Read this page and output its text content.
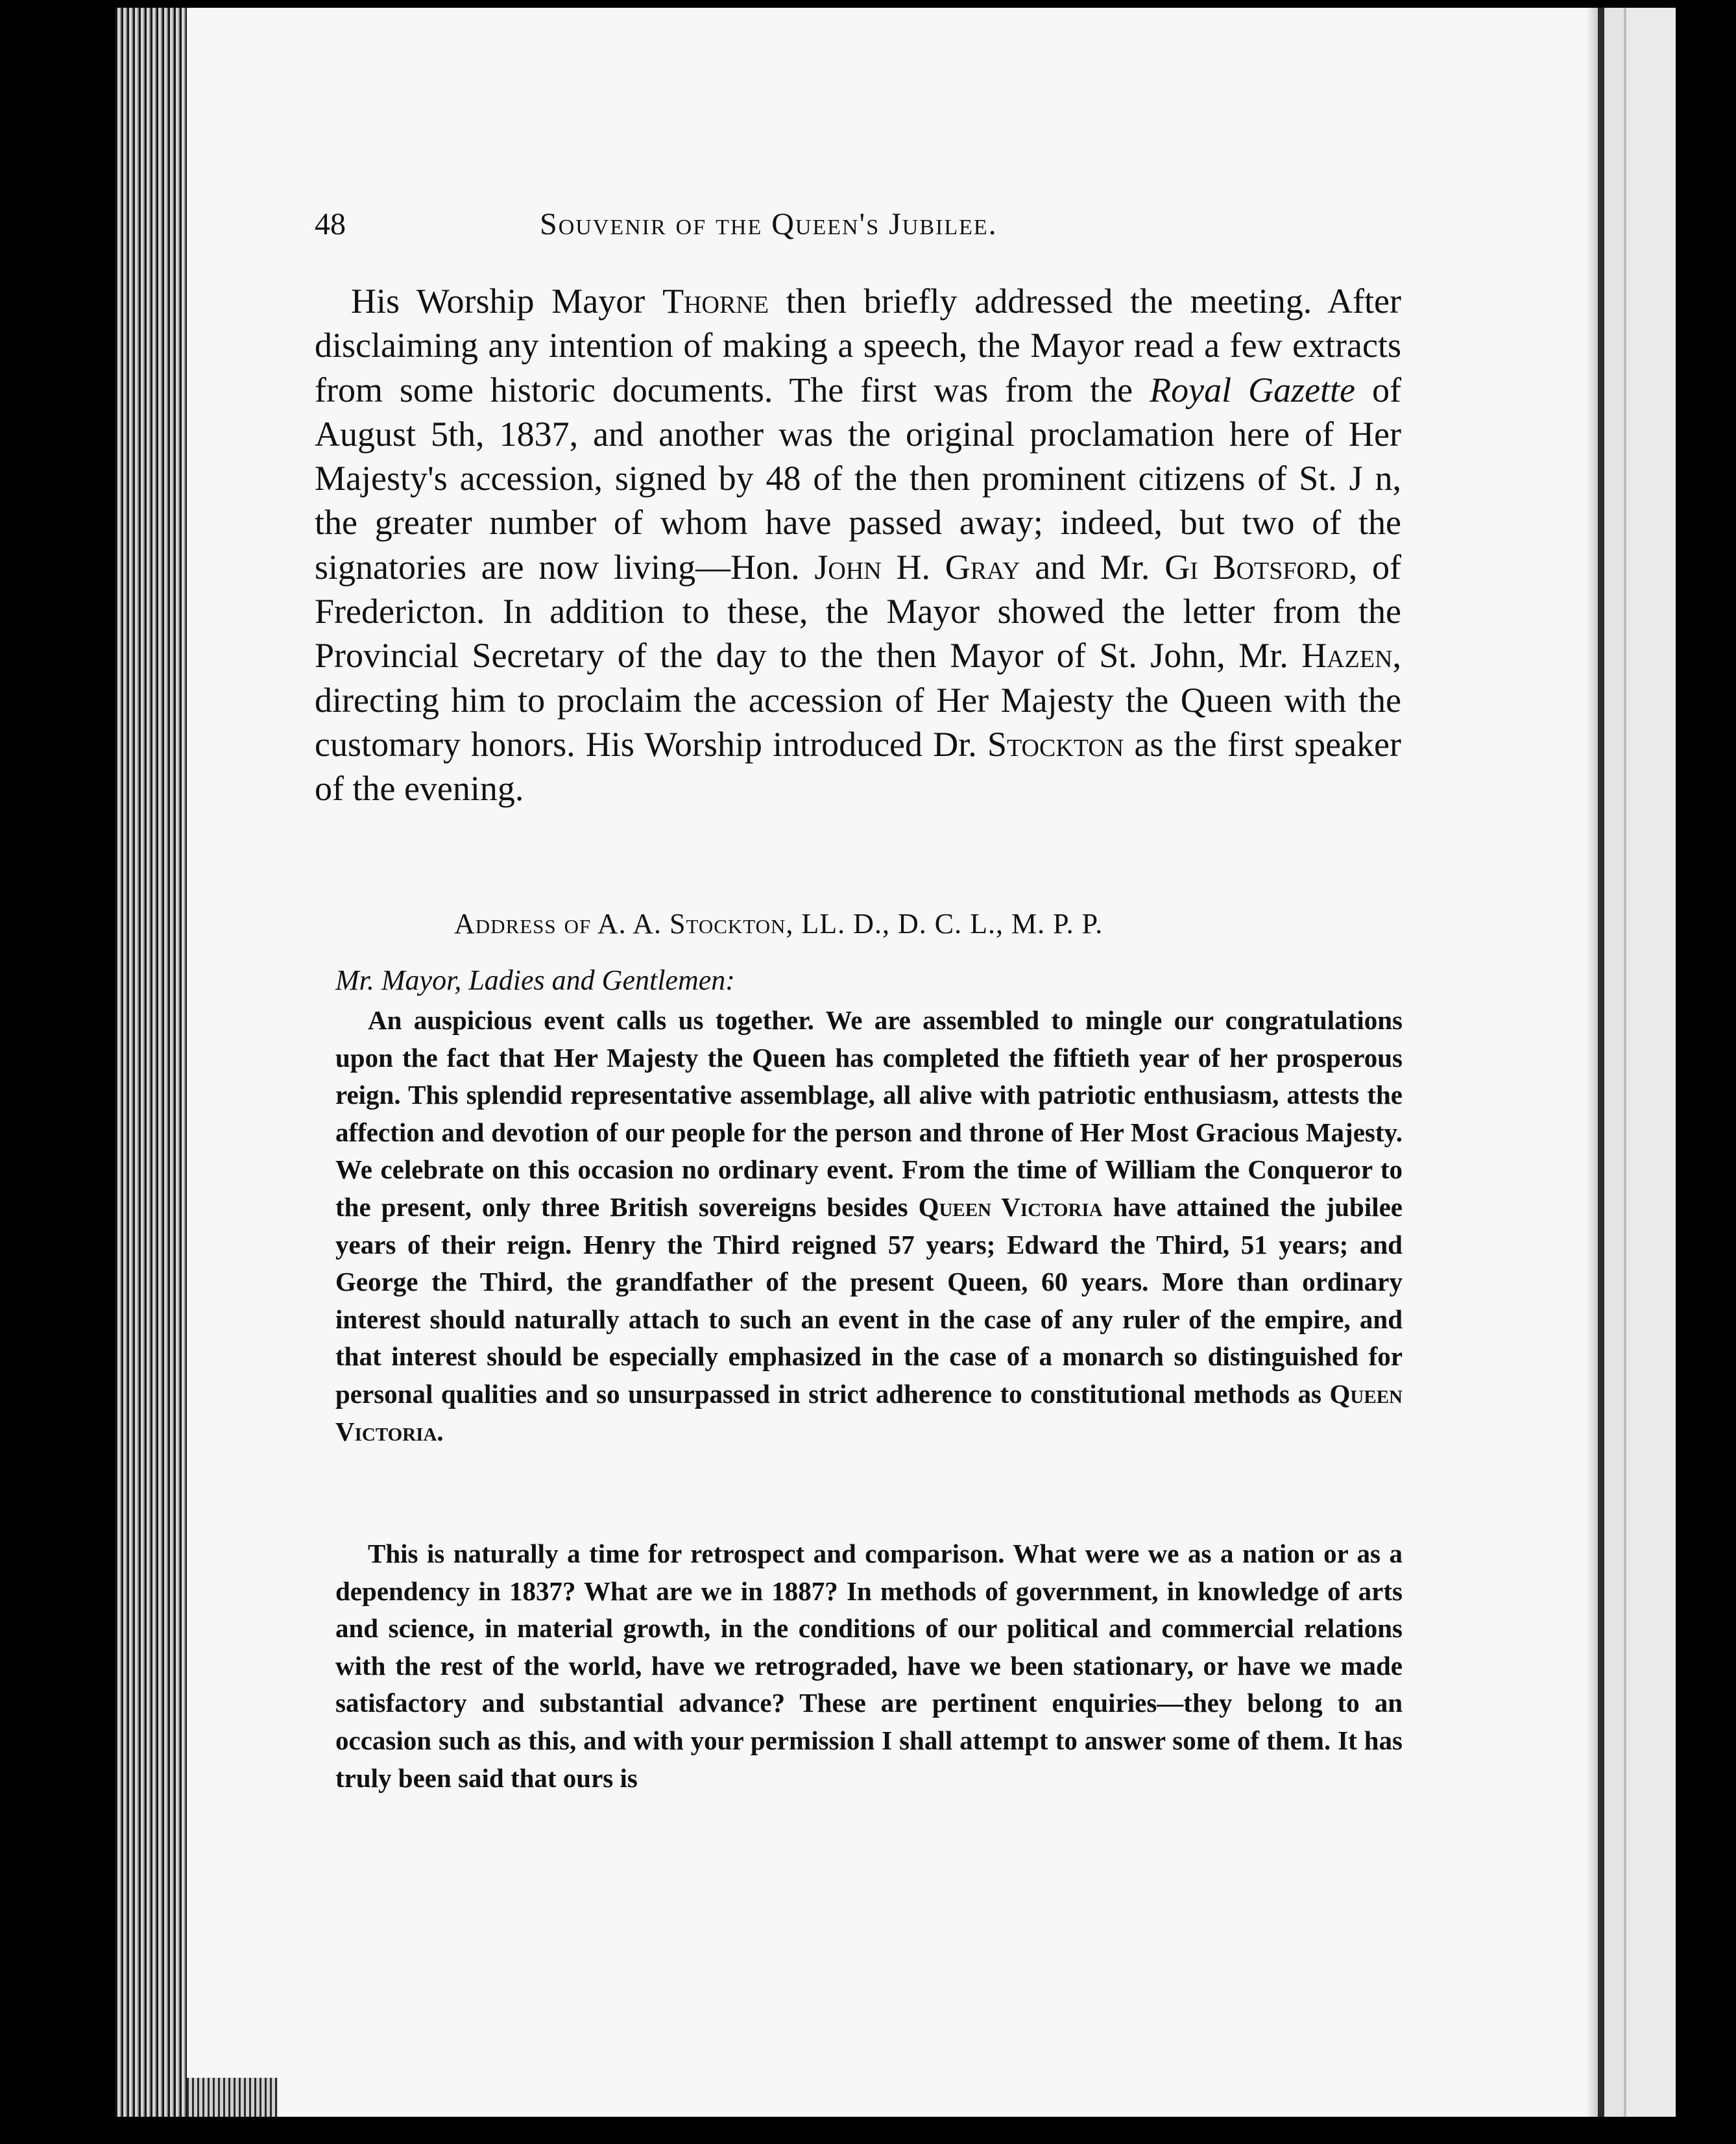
48	Souvenir of the Queen's Jubilee.

His Worship Mayor Thorne then briefly addressed the meeting. After disclaiming any intention of making a speech, the Mayor read a few extracts from some historic documents. The first was from the Royal Gazette of August 5th, 1837, and another was the original proclamation here of Her Majesty's accession, signed by 48 of the then prominent citizens of St. J n, the greater number of whom have passed away; indeed, but two of the signatories are now living—Hon. John H. Gray and Mr. Gi Botsford, of Fredericton. In addition to these, the Mayor showed the letter from the Provincial Secretary of the day to the then Mayor of St. John, Mr. Hazen, directing him to proclaim the accession of Her Majesty the Queen with the customary honors. His Worship introduced Dr. Stockton as the first speaker of the evening.

Address of A. A. Stockton, LL. D., D. C. L., M. P. P.
Mr. Mayor, Ladies and Gentlemen:

An auspicious event calls us together. We are assembled to mingle our congratulations upon the fact that Her Majesty the Queen has completed the fiftieth year of her prosperous reign. This splendid representative assemblage, all alive with patriotic enthusiasm, attests the affection and devotion of our people for the person and throne of Her Most Gracious Majesty. We celebrate on this occasion no ordinary event. From the time of William the Conqueror to the present, only three British sovereigns besides Queen Victoria have attained the jubilee years of their reign. Henry the Third reigned 57 years; Edward the Third, 51 years; and George the Third, the grandfather of the present Queen, 60 years. More than ordinary interest should naturally attach to such an event in the case of any ruler of the empire, and that interest should be especially emphasized in the case of a monarch so distinguished for personal qualities and so unsurpassed in strict adherence to constitutional methods as Queen Victoria.

This is naturally a time for retrospect and comparison. What were we as a nation or as a dependency in 1837? What are we in 1887? In methods of government, in knowledge of arts and science, in material growth, in the conditions of our political and commercial relations with the rest of the world, have we retrograded, have we been stationary, or have we made satisfactory and substantial advance? These are pertinent enquiries—they belong to an occasion such as this, and with your permission I shall attempt to answer some of them. It has truly been said that ours is
